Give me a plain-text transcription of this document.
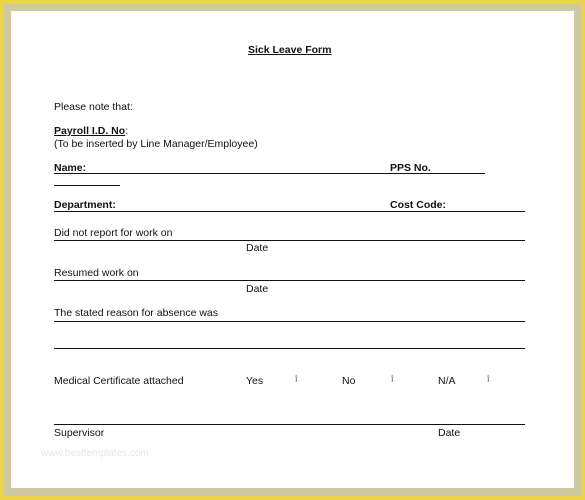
Sick Leave Form
Please note that:
Payroll I.D. No:
(To be inserted by Line Manager/Employee)
Name:	PPS No.
Department:	Cost Code:
Did not report for work on
Date
Resumed work on
Date
The stated reason for absence was
Medical Certificate attached	Yes	î	No	î	N/A	î
Supervisor	Date
www.besttemplates.com
